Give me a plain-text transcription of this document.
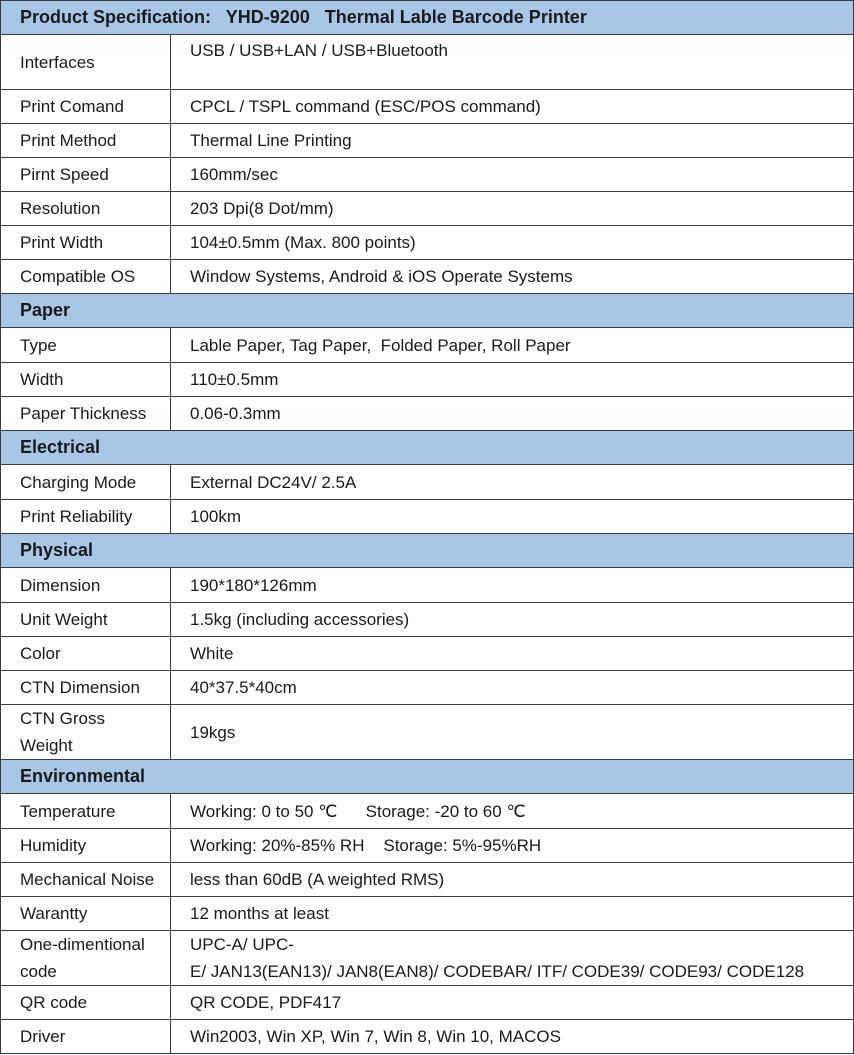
Product Specification:   YHD-9200   Thermal Lable Barcode Printer	
Interfaces	USB / USB+LAN / USB+Bluetooth
Print Comand	CPCL / TSPL command (ESC/POS command)
Print Method	Thermal Line Printing
Pirnt Speed	160mm/sec
Resolution	203 Dpi(8 Dot/mm)
Print Width	104±0.5mm (Max. 800 points)
Compatible OS	Window Systems, Android & iOS Operate Systems
Paper	
Type	Lable Paper, Tag Paper,  Folded Paper, Roll Paper
Width	110±0.5mm
Paper Thickness	0.06-0.3mm
Electrical	
Charging Mode	External DC24V/ 2.5A
Print Reliability	100km
Physical	
Dimension	190*180*126mm
Unit Weight	1.5kg (including accessories)
Color	White
CTN Dimension	40*37.5*40cm
CTN Gross
Weight	19kgs
Environmental	
Temperature	Working: 0 to 50 ℃      Storage: -20 to 60 ℃
Humidity	Working: 20%-85% RH    Storage: 5%-95%RH
Mechanical Noise	less than 60dB (A weighted RMS)
Warantty	12 months at least
One-dimentional
code	UPC-A/ UPC-
E/ JAN13(EAN13)/ JAN8(EAN8)/ CODEBAR/ ITF/ CODE39/ CODE93/ CODE128
QR code	QR CODE, PDF417
Driver	Win2003, Win XP, Win 7, Win 8, Win 10, MACOS
